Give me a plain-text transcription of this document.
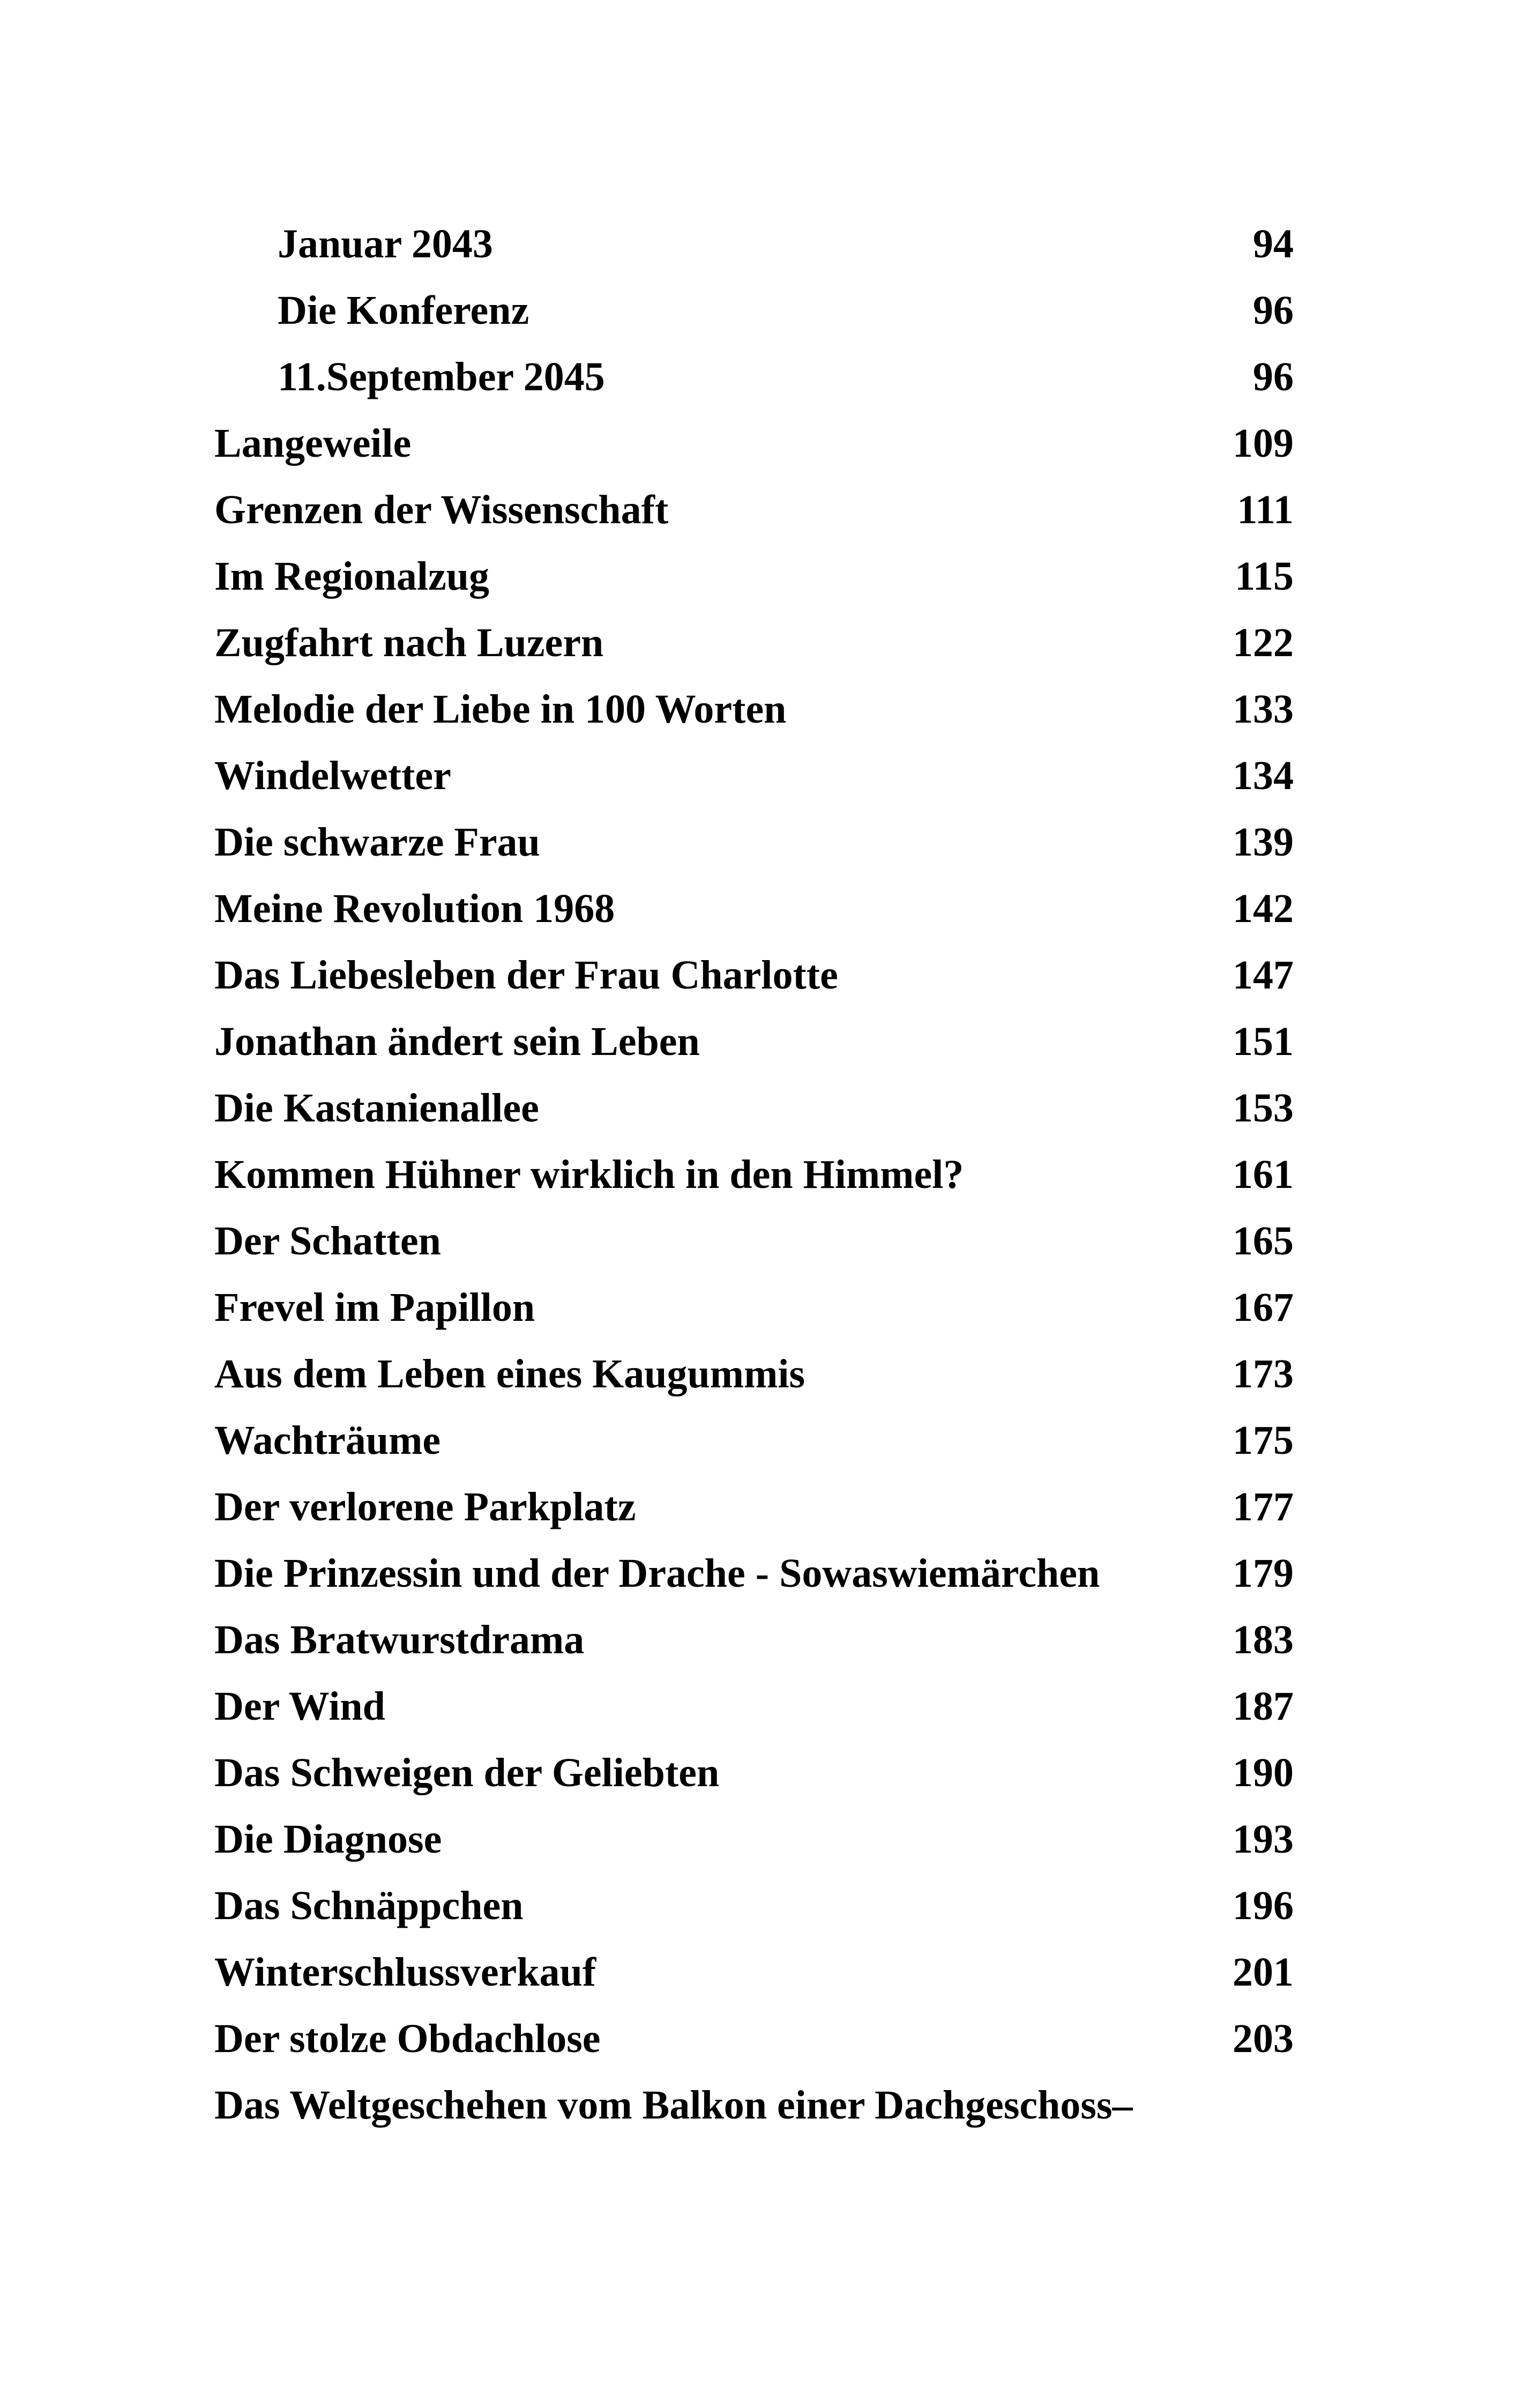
Januar 2043	94
Die Konferenz	96
11.September 2045	96
Langeweile	109
Grenzen der Wissenschaft	111
Im Regionalzug	115
Zugfahrt nach Luzern	122
Melodie der Liebe in 100 Worten	133
Windelwetter	134
Die schwarze Frau	139
Meine Revolution 1968	142
Das Liebesleben der Frau Charlotte	147
Jonathan ändert sein Leben	151
Die Kastanienallee	153
Kommen Hühner wirklich in den Himmel?	161
Der Schatten	165
Frevel im Papillon	167
Aus dem Leben eines Kaugummis	173
Wachträume	175
Der verlorene Parkplatz	177
Die Prinzessin und der Drache - Sowaswiemärchen	179
Das Bratwurstdrama	183
Der Wind	187
Das Schweigen der Geliebten	190
Die Diagnose	193
Das Schnäppchen	196
Winterschlussverkauf	201
Der stolze Obdachlose	203
Das Weltgeschehen vom Balkon einer Dachgeschoss–
